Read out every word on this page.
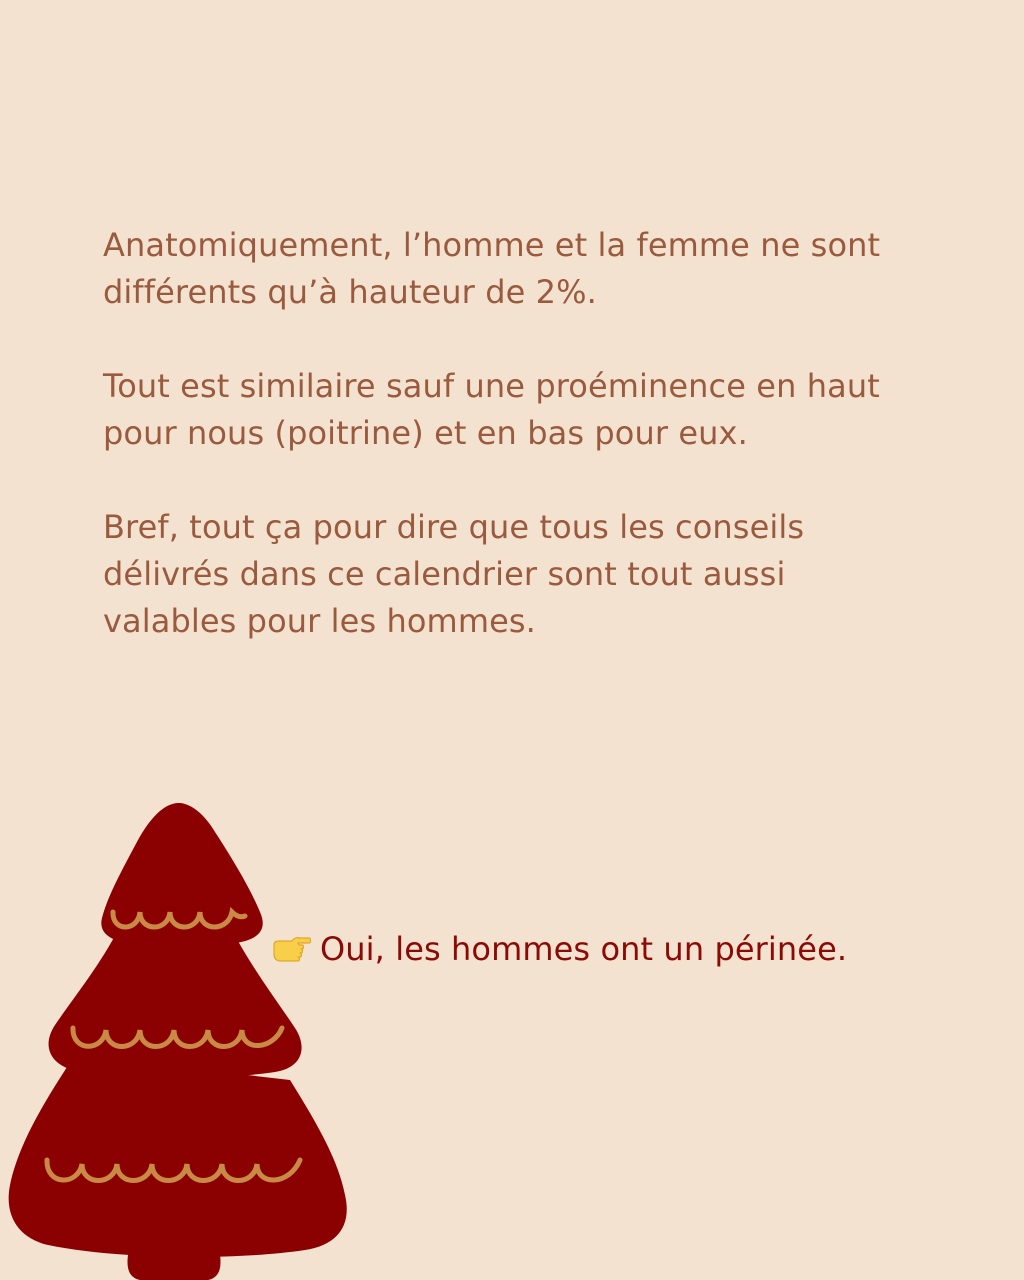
Anatomiquement, l’homme et la femme ne sont différents qu’à hauteur de 2%.

Tout est similaire sauf une proéminence en haut pour nous (poitrine) et en bas pour eux.

Bref, tout ça pour dire que tous les conseils délivrés dans ce calendrier sont tout aussi valables pour les hommes.

Oui, les hommes ont un périnée.
